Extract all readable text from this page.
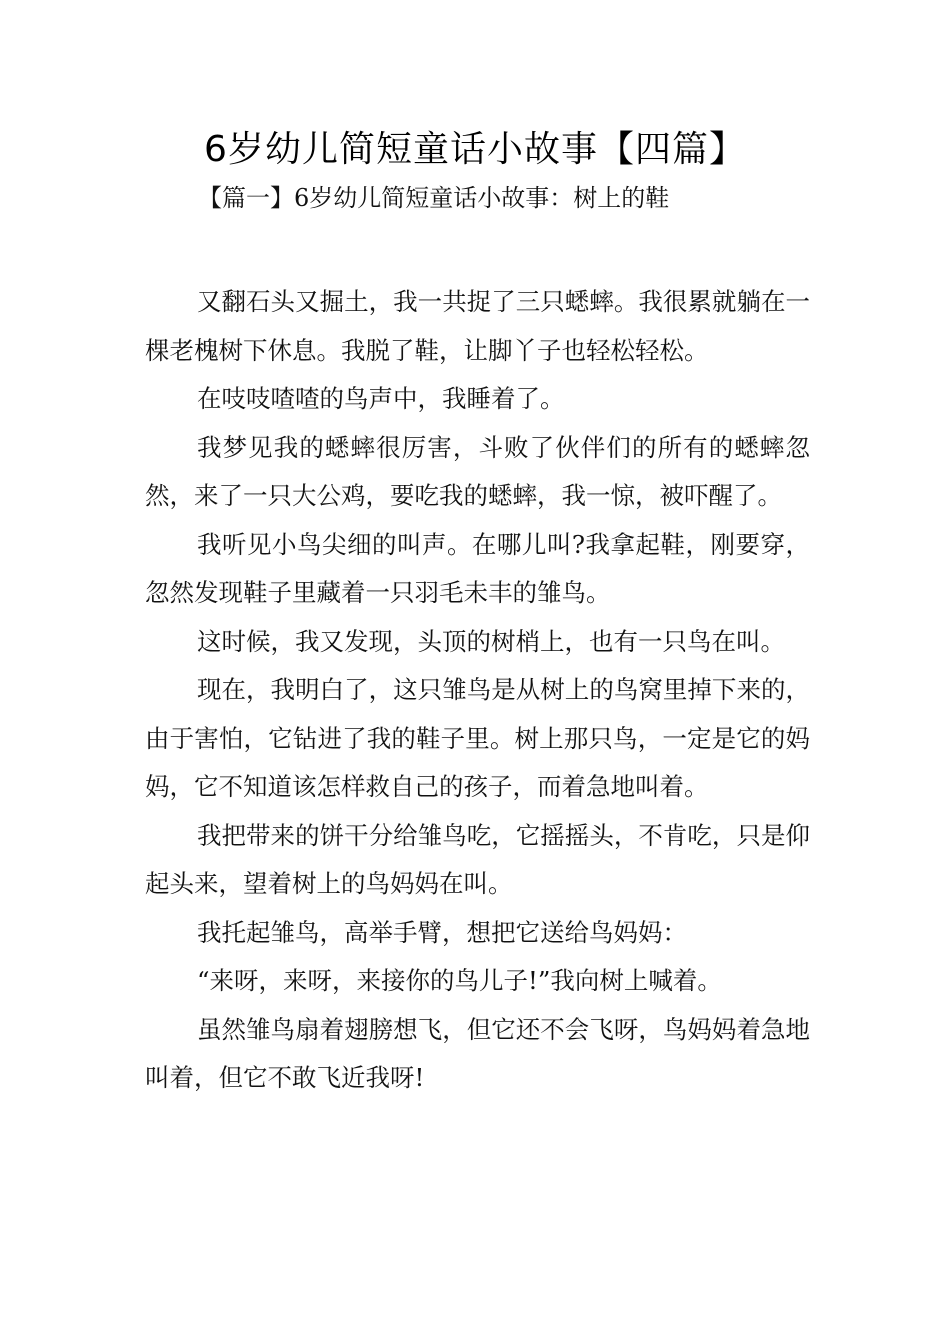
6岁幼儿简短童话小故事【四篇】
【篇一】6岁幼儿简短童话小故事：树上的鞋

又翻石头又掘土，我一共捉了三只蟋蟀。我很累就躺在一棵老槐树下休息。我脱了鞋，让脚丫子也轻松轻松。

在吱吱喳喳的鸟声中，我睡着了。

我梦见我的蟋蟀很厉害，斗败了伙伴们的所有的蟋蟀忽然，来了一只大公鸡，要吃我的蟋蟀，我一惊，被吓醒了。

我听见小鸟尖细的叫声。在哪儿叫?我拿起鞋，刚要穿，忽然发现鞋子里藏着一只羽毛未丰的雏鸟。

这时候，我又发现，头顶的树梢上，也有一只鸟在叫。

现在，我明白了，这只雏鸟是从树上的鸟窝里掉下来的，由于害怕，它钻进了我的鞋子里。树上那只鸟，一定是它的妈妈，它不知道该怎样救自己的孩子，而着急地叫着。

我把带来的饼干分给雏鸟吃，它摇摇头，不肯吃，只是仰起头来，望着树上的鸟妈妈在叫。

我托起雏鸟，高举手臂，想把它送给鸟妈妈：

“来呀，来呀，来接你的鸟儿子!”我向树上喊着。

虽然雏鸟扇着翅膀想飞，但它还不会飞呀，鸟妈妈着急地叫着，但它不敢飞近我呀!
